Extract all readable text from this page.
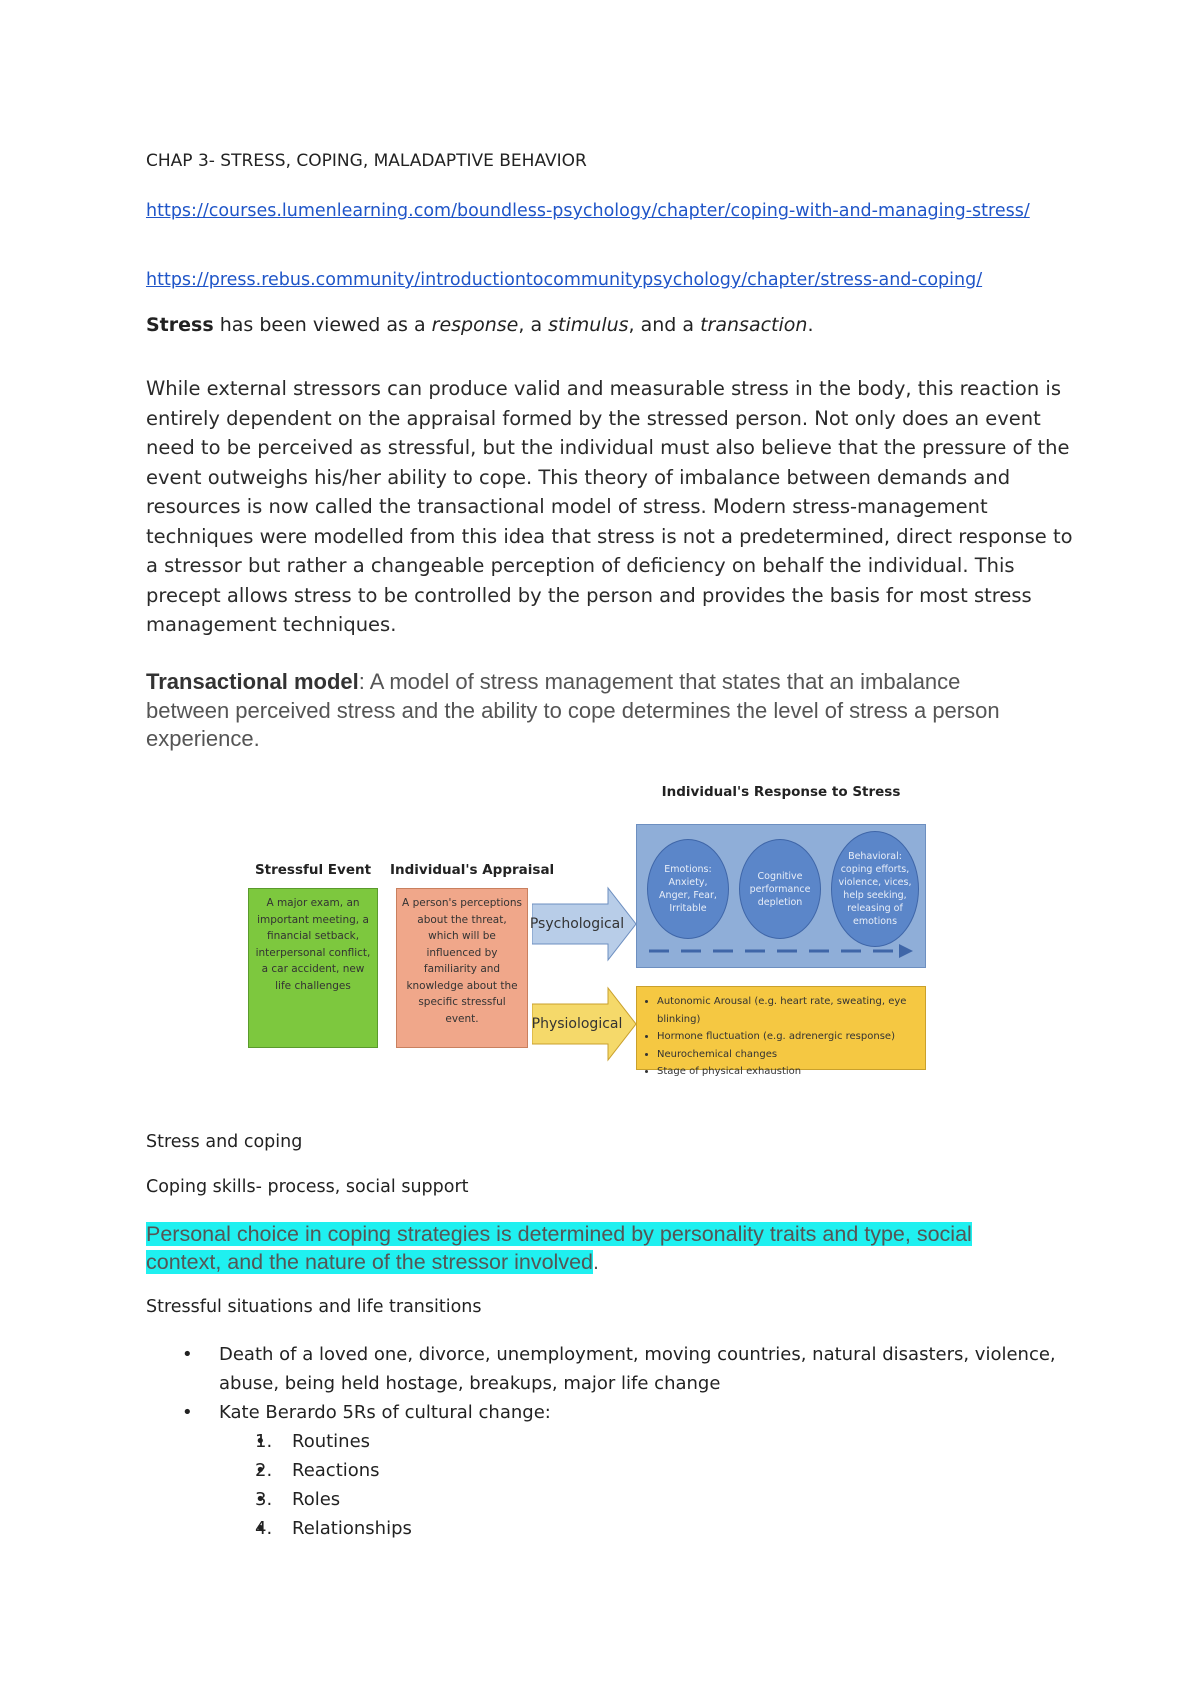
CHAP 3- STRESS, COPING, MALADAPTIVE BEHAVIOR
https://courses.lumenlearning.com/boundless-psychology/chapter/coping-with-and-managing-stress/
https://press.rebus.community/introductiontocommunitypsychology/chapter/stress-and-coping/
Stress has been viewed as a response, a stimulus, and a transaction.
While external stressors can produce valid and measurable stress in the body, this reaction is entirely dependent on the appraisal formed by the stressed person. Not only does an event need to be perceived as stressful, but the individual must also believe that the pressure of the event outweighs his/her ability to cope. This theory of imbalance between demands and resources is now called the transactional model of stress. Modern stress-management techniques were modelled from this idea that stress is not a predetermined, direct response to a stressor but rather a changeable perception of deficiency on behalf the individual. This precept allows stress to be controlled by the person and provides the basis for most stress management techniques.
Transactional model: A model of stress management that states that an imbalance between perceived stress and the ability to cope determines the level of stress a person experience.
Individual's Response to Stress
Stressful Event	Individual's Appraisal
A major exam, an important meeting, a financial setback, interpersonal conflict, a car accident, new life challenges
A person's perceptions about the threat, which will be influenced by familiarity and knowledge about the specific stressful event.
Psychological
Physiological
Emotions: Anxiety, Anger, Fear, Irritable
Cognitive performance depletion
Behavioral: coping efforts, violence, vices, help seeking, releasing of emotions
• Autonomic Arousal (e.g. heart rate, sweating, eye blinking)
• Hormone fluctuation (e.g. adrenergic response)
• Neurochemical changes
• Stage of physical exhaustion
Stress and coping
Coping skills- process, social support
Personal choice in coping strategies is determined by personality traits and type, social context, and the nature of the stressor involved.
Stressful situations and life transitions
• Death of a loved one, divorce, unemployment, moving countries, natural disasters, violence, abuse, being held hostage, breakups, major life change
• Kate Berardo 5Rs of cultural change:
• 1. Routines
• 2. Reactions
• 3. Roles
• 4. Relationships
